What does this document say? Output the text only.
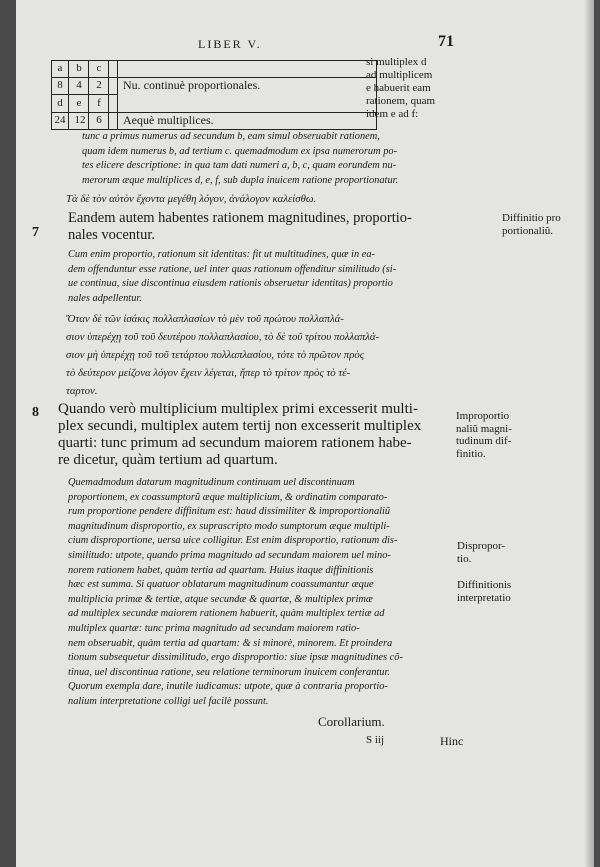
LIBER V.	71
a	b	c
8	4	2
d	e	f
24 12 6
Nu. continuè proportionales.
Aequè multiplices.
si multiplex d
ad multiplicem
e habuerit eam
rationem, quam
idem e ad f:
tunc a primus numerus ad secundum b, eam simul obseruabit rationem,
quam idem numerus b, ad tertium c. quemadmodum ex ipsa numerorum po-
tes elicere descriptione: in qua tam dati numeri a, b, c, quam eorundem nu-
merorum æque multiplices d, e, f, sub dupla inuicem ratione proportionatur.
Τὰ δὲ τὸν αὐτὸν ἔχοντα μεγέθη λόγον, ἀνάλογον καλείσθω.
7
Eandem autem habentes rationem magnitudines, proportio-
nales vocentur.
Diffinitio pro
portionaliũ.
Cum enim proportio, rationum sit identitas: fit ut multitudines, quæ in ea-
dem offenduntur esse ratione, uel inter quas rationum offenditur similitudo (si-
ue continua, siue discontinua eiusdem rationis obseruetur identitas) proportio
nales adpellentur.
Ὅταν δὲ τῶν ἰσάκις πολλαπλασίων τὸ μὲν τοῦ πρώτου πολλαπλά-
σιον ὑπερέχῃ τοῦ τοῦ δευτέρου πολλαπλασίου, τὸ δὲ τοῦ τρίτου πολλαπλά-
σιον μὴ ὑπερέχῃ τοῦ τοῦ τετάρτου πολλαπλασίου, τότε τὸ πρῶτον πρὸς
τὸ δεύτερον μείζονα λόγον ἔχειν λέγεται, ἤπερ τὸ τρίτον πρὸς τὸ τέ-
ταρτον.
8 Quando verò multiplicium multiplex primi excesserit multi-
plex secundi, multiplex autem tertij non excesserit multiplex
quarti: tunc primum ad secundum maiorem rationem habe-
re dicetur, quàm tertium ad quartum.
Improportio
naliũ magni-
tudinum dif-
finitio.
Quemadmodum datarum magnitudinum continuam uel discontinuam
proportionem, ex coassumptorũ æque multiplicium, & ordinatim comparato-
rum proportione pendere diffinitum est: haud dissimiliter & improportionaliũ
magnitudinum disproportio, ex suprascripto modo sumptorum æque multipli-
cium disproportione, uersa uice colligitur. Est enim disproportio, rationum dis-
similitudo: utpote, quando prima magnitudo ad secundam maiorem uel mino-
norem rationem habet, quàm tertia ad quartam. Huius itaque diffinitionis
hæc est summa. Si quatuor oblatarum magnitudinum coassumantur æque
multiplicia primæ & tertiæ, atque secundæ & quartæ, & multiplex primæ
ad multiplex secundæ maiorem rationem habuerit, quàm multiplex tertiæ ad
multiplex quartæ: tunc prima magnitudo ad secundam maiorem ratio-
nem obseruabit, quàm tertia ad quartam: & si minorè, minorem. Et proindera
tionum subsequetur dissimilitudo, ergo disproportio: siue ipsæ magnitudines cõ-
tinua, uel discontinua ratione, seu relatione terminorum inuicem conferantur.
Quorum exempla dare, inutile iudicamus: utpote, quæ à contraria proportio-
nalium interpretatione colligi uel facilè possunt.
Dispropor-
tio.
Diffinitionis
interpretatio
Corollarium.
S iij	Hinc
